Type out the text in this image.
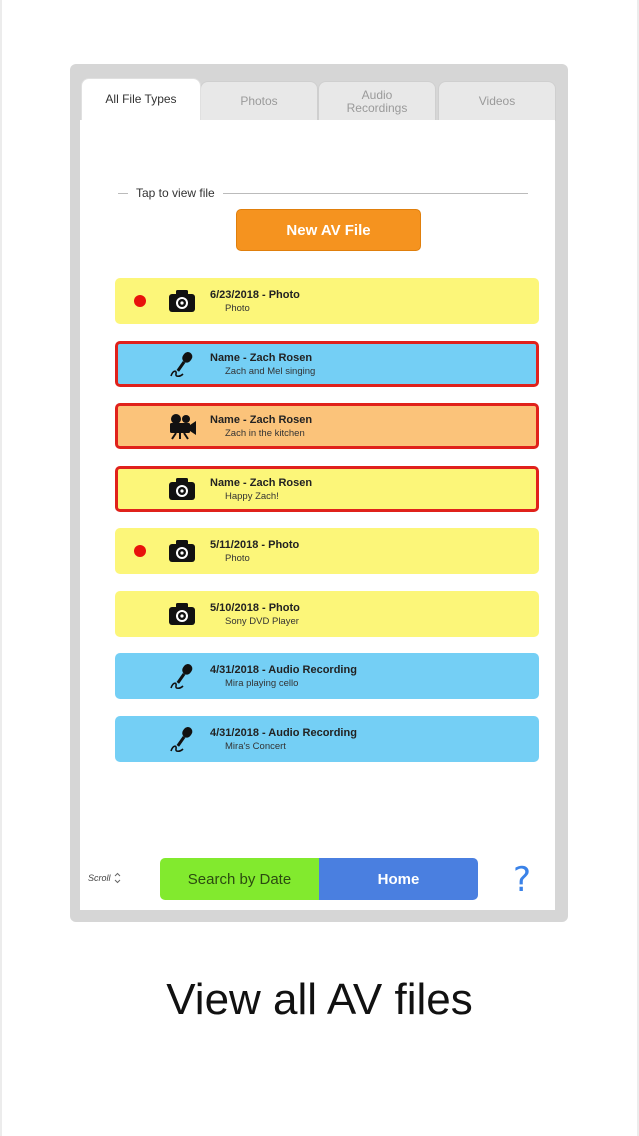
All File Types	Photos	Audio
Recordings	Videos
Tap to view file
New AV File
6/23/2018 - Photo
Photo
Name - Zach Rosen
Zach and Mel singing
Name - Zach Rosen
Zach in the kitchen
Name - Zach Rosen
Happy Zach!
5/11/2018 - Photo
Photo
5/10/2018 - Photo
Sony DVD Player
4/31/2018 - Audio Recording
Mira playing cello
4/31/2018 - Audio Recording
Mira's Concert
Scroll	Search by Date	Home	?
View all AV files
